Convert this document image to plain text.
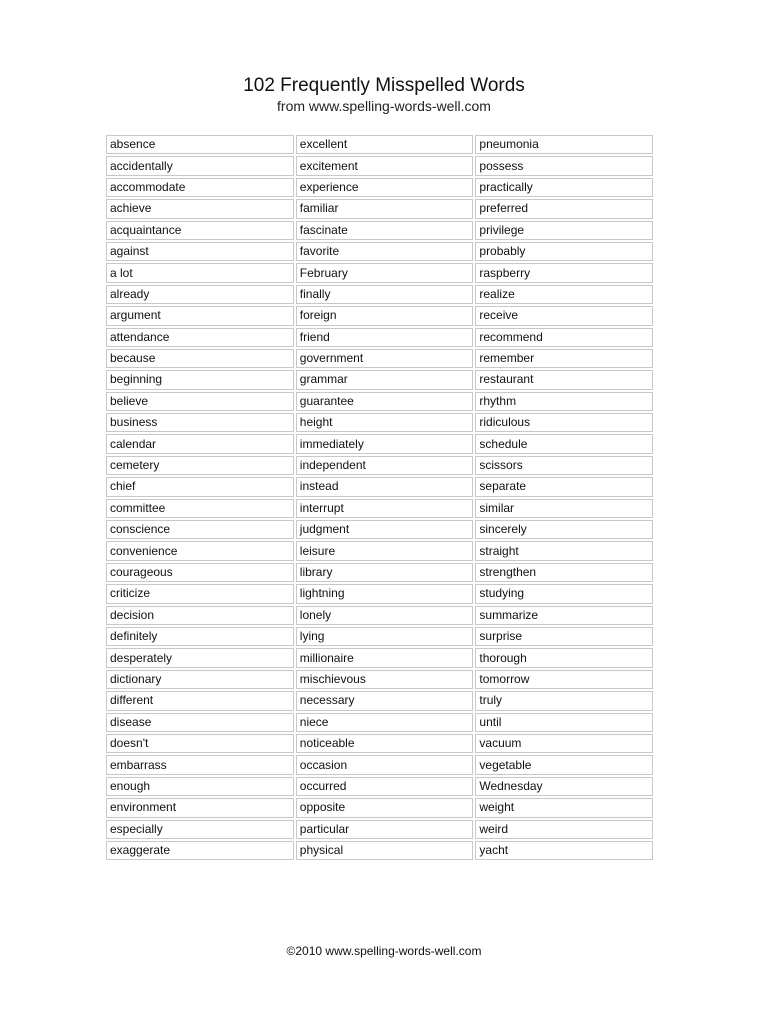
102 Frequently Misspelled Words
from www.spelling-words-well.com
absence	excellent	pneumonia
accidentally	excitement	possess
accommodate	experience	practically
achieve	familiar	preferred
acquaintance	fascinate	privilege
against	favorite	probably
a lot	February	raspberry
already	finally	realize
argument	foreign	receive
attendance	friend	recommend
because	government	remember
beginning	grammar	restaurant
believe	guarantee	rhythm
business	height	ridiculous
calendar	immediately	schedule
cemetery	independent	scissors
chief	instead	separate
committee	interrupt	similar
conscience	judgment	sincerely
convenience	leisure	straight
courageous	library	strengthen
criticize	lightning	studying
decision	lonely	summarize
definitely	lying	surprise
desperately	millionaire	thorough
dictionary	mischievous	tomorrow
different	necessary	truly
disease	niece	until
doesn't	noticeable	vacuum
embarrass	occasion	vegetable
enough	occurred	Wednesday
environment	opposite	weight
especially	particular	weird
exaggerate	physical	yacht
©2010 www.spelling-words-well.com
